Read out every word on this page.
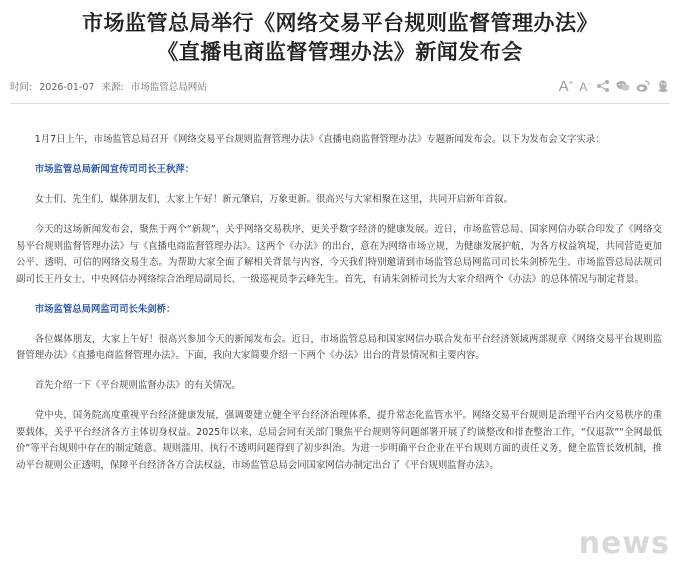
市场监管总局举行《网络交易平台规则监督管理办法》
《直播电商监督管理办法》新闻发布会
时间: 2026-01-07 来源: 市场监管总局网站	A+ A-

1月7日上午，市场监管总局召开《网络交易平台规则监督管理办法》《直播电商监督管理办法》专题新闻发布会。以下为发布会文字实录：

市场监管总局新闻宣传司司长王秋萍：

女士们、先生们，媒体朋友们，大家上午好！新元肇启，万象更新。很高兴与大家相聚在这里，共同开启新年首叙。

今天的这场新闻发布会，聚焦于两个“新规”，关乎网络交易秩序，更关乎数字经济的健康发展。近日，市场监管总局、国家网信办联合印发了《网络交易平台规则监督管理办法》与《直播电商监督管理办法》。这两个《办法》的出台，意在为网络市场立规，为健康发展护航，为各方权益筑堤，共同营造更加公平、透明、可信的网络交易生态。为帮助大家全面了解相关背景与内容，今天我们特别邀请到市场监管总局网监司司长朱剑桥先生、市场监管总局法规司副司长王丹女士、中央网信办网络综合治理局副局长、一级巡视员李云峰先生。首先，有请朱剑桥司长为大家介绍两个《办法》的总体情况与制定背景。

市场监管总局网监司司长朱剑桥：

各位媒体朋友，大家上午好！很高兴参加今天的新闻发布会。近日，市场监管总局和国家网信办联合发布平台经济领域两部规章《网络交易平台规则监督管理办法》《直播电商监督管理办法》。下面，我向大家简要介绍一下两个《办法》出台的背景情况和主要内容。

首先介绍一下《平台规则监督办法》的有关情况。

党中央、国务院高度重视平台经济健康发展，强调要建立健全平台经济治理体系，提升常态化监管水平。网络交易平台规则是治理平台内交易秩序的重要载体，关乎平台经济各方主体切身权益。2025年以来，总局会同有关部门聚焦平台规则等问题部署开展了约谈整改和排查整治工作，“仅退款”“全网最低价”等平台规则中存在的制定随意、规则滥用、执行不透明问题得到了初步纠治。为进一步明确平台企业在平台规则方面的责任义务，健全监管长效机制，推动平台规则公正透明，保障平台经济各方合法权益，市场监管总局会同国家网信办制定出台了《平台规则监督办法》。

news
